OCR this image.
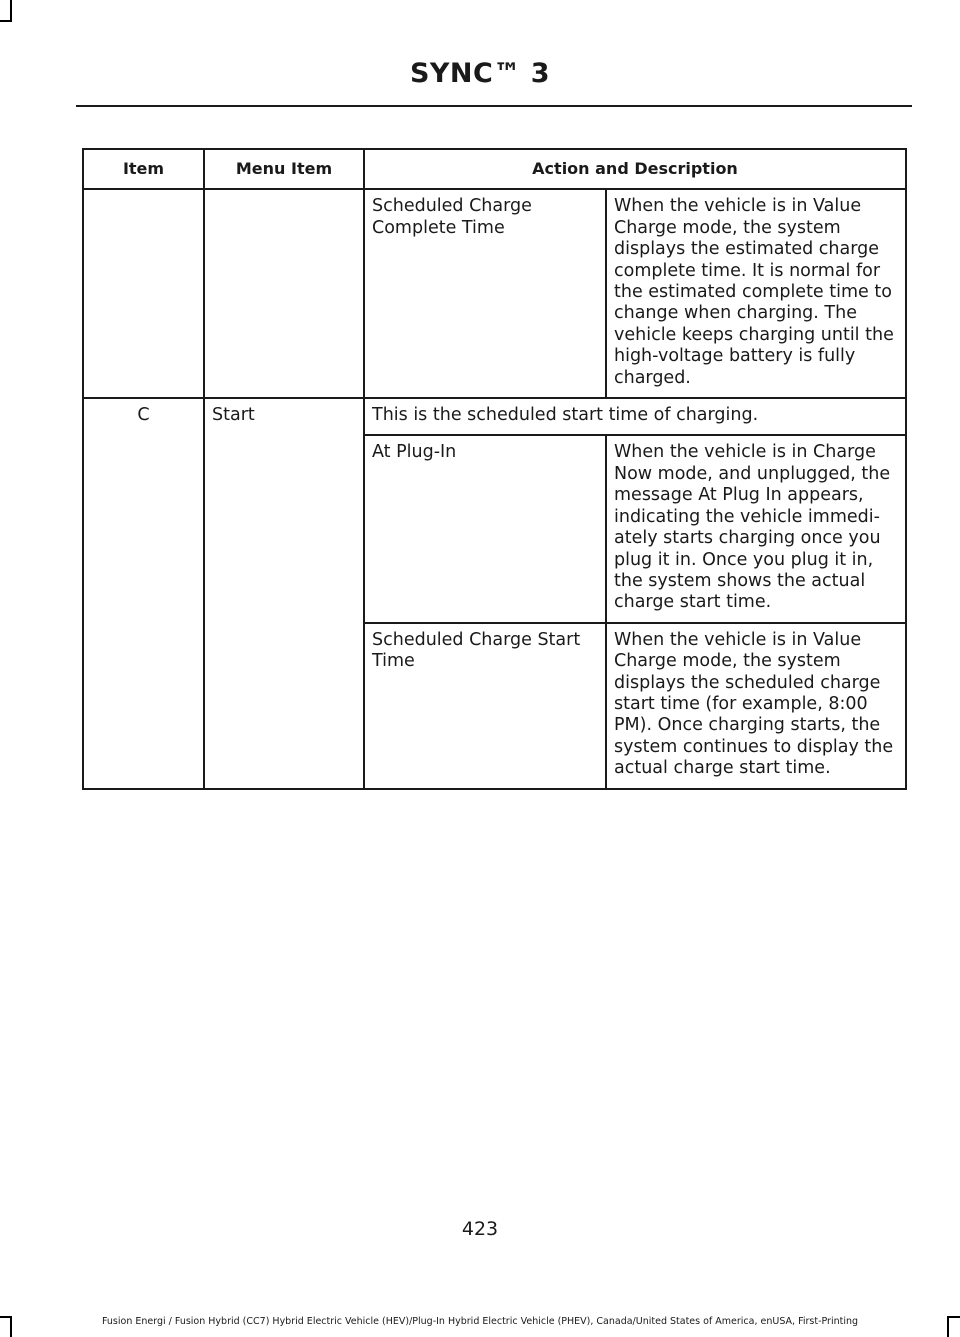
SYNC™ 3
Item	Menu Item	Action and Description	
		Scheduled Charge Complete Time	When the vehicle is in Value Charge mode, the system displays the estimated charge complete time. It is normal for the estimated complete time to change when charging. The vehicle keeps charging until the high-voltage battery is fully charged.
C	Start	This is the scheduled start time of charging.	
		At Plug-In	When the vehicle is in Charge Now mode, and unplugged, the message At Plug In appears, indicating the vehicle immedi- ately starts charging once you plug it in. Once you plug it in, the system shows the actual charge start time.
		Scheduled Charge Start Time	When the vehicle is in Value Charge mode, the system displays the scheduled charge start time (for example, 8:00 PM). Once charging starts, the system continues to display the actual charge start time.
423
Fusion Energi / Fusion Hybrid (CC7) Hybrid Electric Vehicle (HEV)/Plug-In Hybrid Electric Vehicle (PHEV), Canada/United States of America, enUSA, First-Printing
